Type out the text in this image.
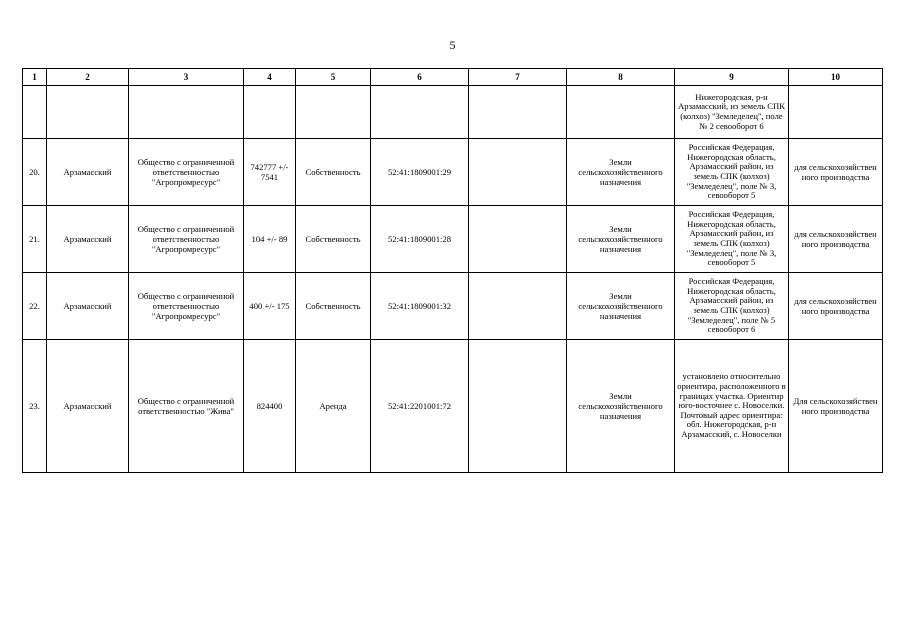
5
1	2	3	4	5	6	7	8	9	10
								Нижегородская, р-н Арзамасский, из земель СПК (колхоз) "Земледелец", поле № 2 севооборот 6	
20.	Арзамасский	Общество с ограниченной ответственностью "Агропромресурс"	742777 +/- 7541	Собственность	52:41:1809001:29		Земли сельскохозяйственного назначения	Российская Федерация, Нижегородская область, Арзамасский район, из земель СПК (колхоз) "Земледелец", поле № 3, севооборот 5	для сельскохозяйствен ного производства
21.	Арзамасский	Общество с ограниченной ответственностью "Агропромресурс"	104 +/- 89	Собственность	52:41:1809001:28		Земли сельскохозяйственного назначения	Российская Федерация, Нижегородская область, Арзамасский район, из земель СПК (колхоз) "Земледелец", поле № 3, севооборот 5	для сельскохозяйствен ного производства
22.	Арзамасский	Общество с ограниченной ответственностью "Агропромресурс"	400 +/- 175	Собственность	52:41:1809001:32		Земли сельскохозяйственного назначения	Российская Федерация, Нижегородская область, Арзамасский район, из земель СПК (колхоз) "Земледелец", поле № 5 севооборот 6	для сельскохозяйствен ного производства
23.	Арзамасский	Общество с ограниченной ответственностью "Жива"	824400	Аренда	52:41:2201001:72		Земли сельскохозяйственного назначения	установлено относительно ориентира, расположенного в границах участка. Ориентир юго-восточнее с. Новоселки. Почтовый адрес ориентира: обл. Нижегородская, р-н Арзамасский, с. Новоселки	Для сельскохозяйствен ного производства
